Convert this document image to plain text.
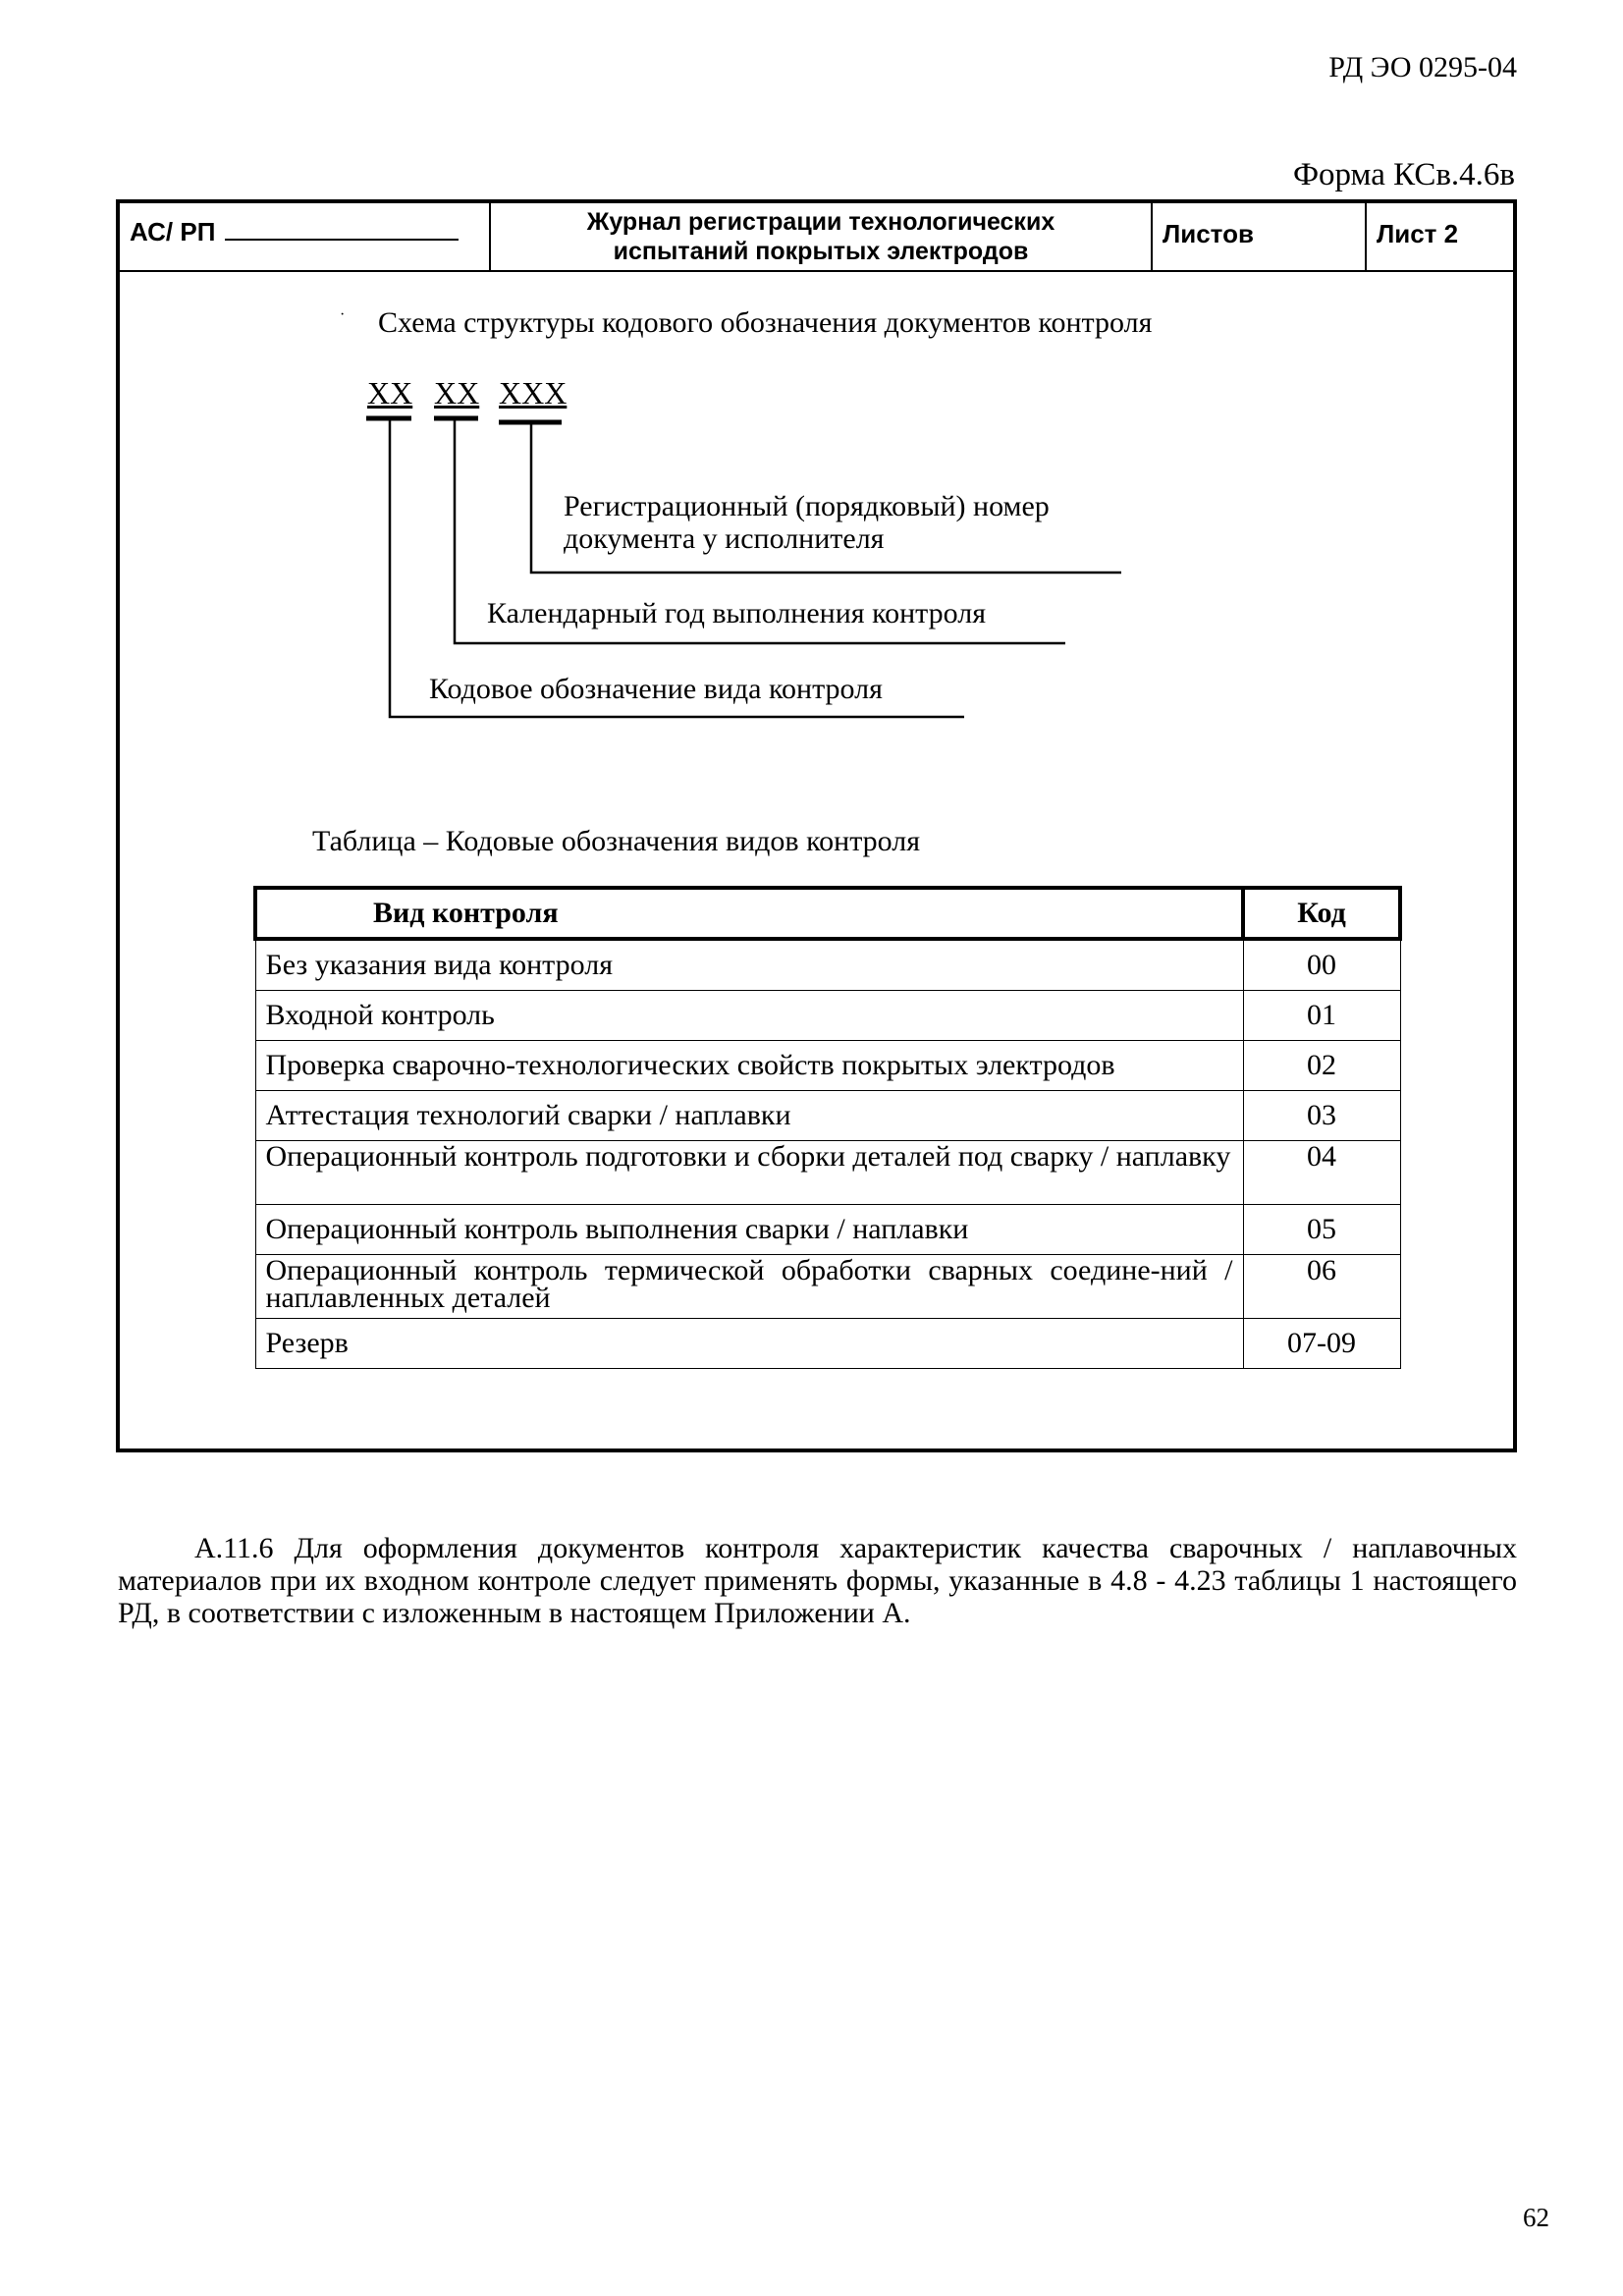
РД ЭО 0295-04
Форма КСв.4.6в
АС/ РП	Журнал регистрации технологических
испытаний покрытых электродов
Листов	Лист 2
· Схема структуры кодового обозначения документов контроля
XX XX XXX
Регистрационный (порядковый) номер
документа у исполнителя
Календарный год выполнения контроля
Кодовое обозначение вида контроля
Таблица – Кодовые обозначения видов контроля
Вид контроля	Код
Без указания вида контроля	00
Входной контроль	01
Проверка сварочно-технологических свойств покрытых электродов	02
Аттестация технологий сварки / наплавки	03
Операционный контроль подготовки и сборки деталей под сварку / наплавку	04
Операционный контроль выполнения сварки / наплавки	05
Операционный контроль термической обработки сварных соедине-ний / наплавленных деталей	06
Резерв	07-09
А.11.6 Для оформления документов контроля характеристик качества сварочных / наплавочных материалов при их входном контроле следует применять формы, указанные в 4.8 - 4.23 таблицы 1 настоящего РД, в соответствии с изложенным в настоящем Приложении А.
62
